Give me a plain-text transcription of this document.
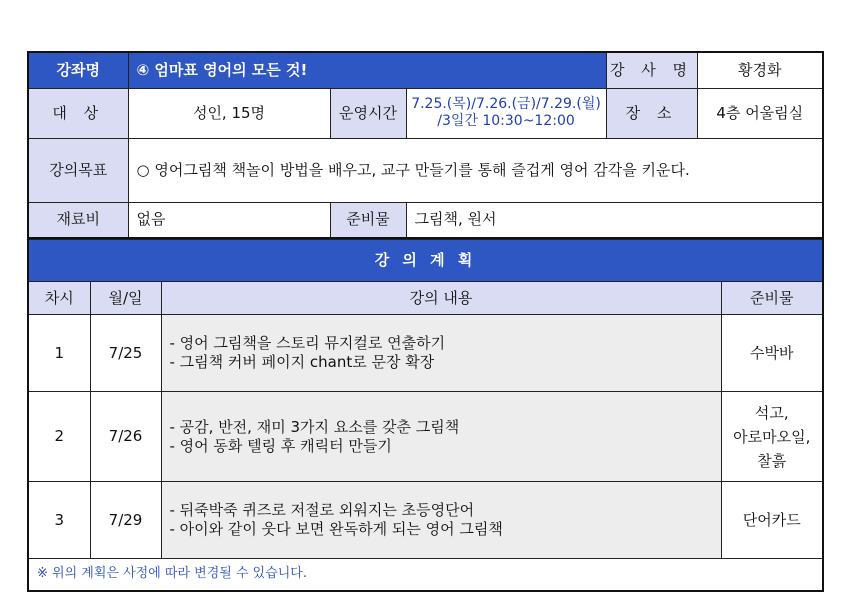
강좌명	④ 엄마표 영어의 모든 것!			강 사 명	황경화
대 상	성인, 15명	운영시간	7.25.(목)/7.26.(금)/7.29.(월)
/3일간 10:30~12:00	장 소	4층 어울림실
강의목표	○ 영어그림책 책놀이 방법을 배우고, 교구 만들기를 통해 즐겁게 영어 감각을 키운다.				
재료비	없음	준비물	그림책, 원서		
강 의 계 획			
차시	월/일	강의 내용	준비물
1	7/25	- 영어 그림책을 스토리 뮤지컬로 연출하기
- 그림책 커버 페이지 chant로 문장 확장	수박바

2	7/26	- 공감, 반전, 재미 3가지 요소를 갖춘 그림책
- 영어 동화 텔링 후 캐릭터 만들기	석고,
아로마오일,
찰흙

3	7/29	- 뒤죽박죽 퀴즈로 저절로 외워지는 초등영단어
- 아이와 같이 웃다 보면 완독하게 되는 영어 그림책	단어카드

※ 위의 계획은 사정에 따라 변경될 수 있습니다.			
